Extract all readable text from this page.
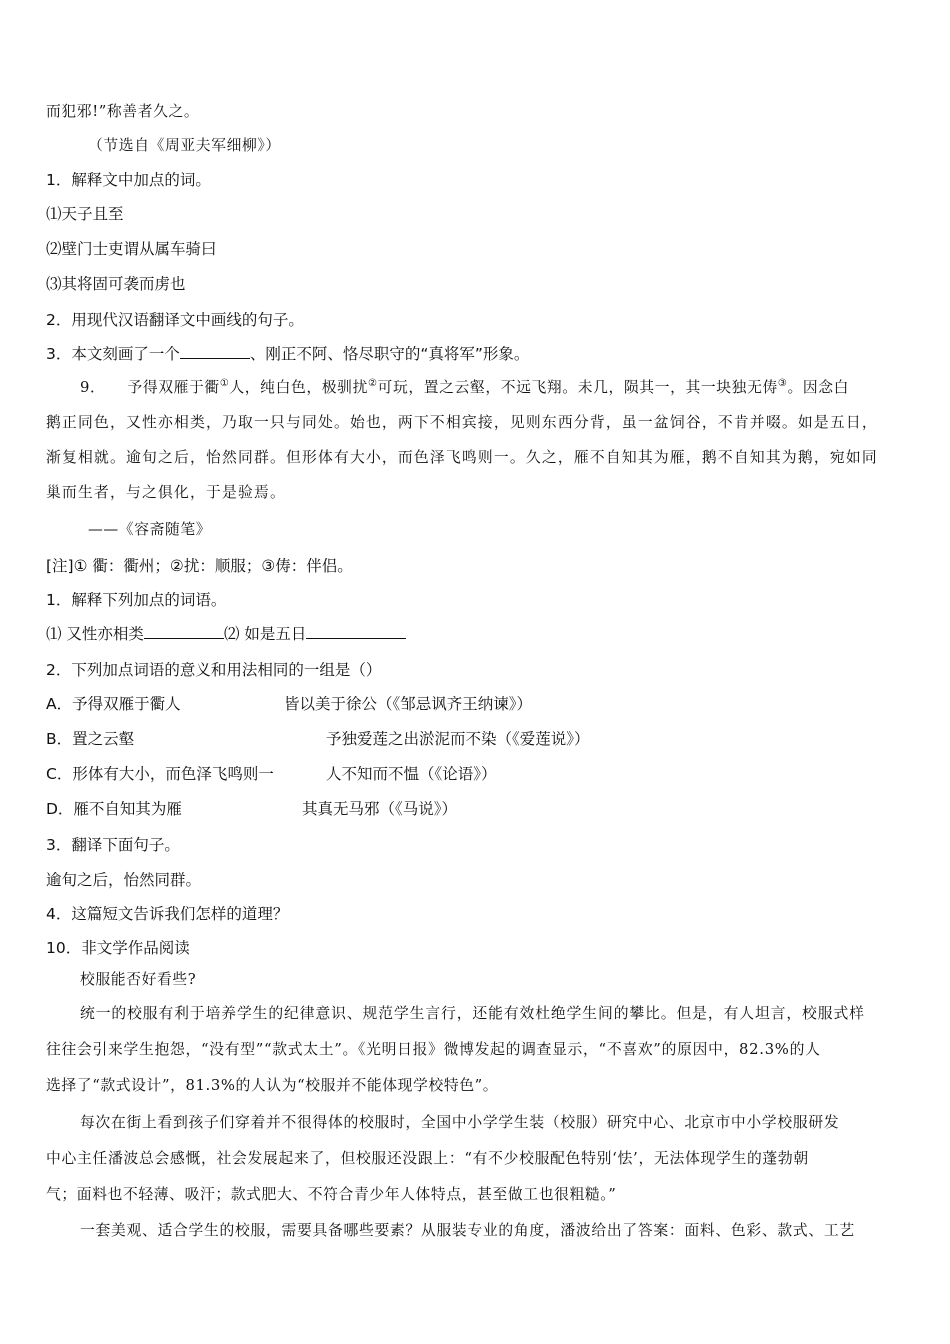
而犯邪!”称善者久之。
（节选自《周亚夫军细柳》）
1．解释文中加点的词。
⑴天子且至
⑵壁门士吏谓从属车骑曰
⑶其将固可袭而虏也
2．用现代汉语翻译文中画线的句子。
3．本文刻画了一个	、刚正不阿、恪尽职守的“真将军”形象。
9． 予得双雁于衢①人，纯白色，极驯扰②可玩，置之云壑，不远飞翔。未几，陨其一，其一块独无俦③。因念白
鹅正同色，又性亦相类，乃取一只与同处。始也，两下不相宾接，见则东西分背，虽一盆饲谷，不肯并啜。如是五日，
渐复相就。逾旬之后，怡然同群。但形体有大小，而色泽飞鸣则一。久之，雁不自知其为雁，鹅不自知其为鹅，宛如同
巢而生者，与之俱化，于是验焉。
——《容斋随笔》
[注]① 衢：衢州；②扰：顺服；③俦：伴侣。
1．解释下列加点的词语。
⑴ 又性亦相类	⑵ 如是五日
2．下列加点词语的意义和用法相同的一组是（）
A．予得双雁于衢人	皆以美于徐公（《邹忌讽齐王纳谏》）
B．置之云壑	予独爱莲之出淤泥而不染（《爱莲说》）
C．形体有大小，而色泽飞鸣则一	人不知而不愠（《论语》）
D．雁不自知其为雁	其真无马邪（《马说》）
3．翻译下面句子。
逾旬之后，怡然同群。
4．这篇短文告诉我们怎样的道理？
10．非文学作品阅读
校服能否好看些?
统一的校服有利于培养学生的纪律意识、规范学生言行，还能有效杜绝学生间的攀比。但是，有人坦言，校服式样
往往会引来学生抱怨，“没有型”“款式太土”。《光明日报》微博发起的调查显示，“不喜欢”的原因中，82.3%的人
选择了“款式设计”，81.3%的人认为“校服并不能体现学校特色”。
每次在街上看到孩子们穿着并不很得体的校服时，全国中小学学生装（校服）研究中心、北京市中小学校服研发
中心主任潘波总会感慨，社会发展起来了，但校服还没跟上：“有不少校服配色特别‘怯’，无法体现学生的蓬勃朝
气；面料也不轻薄、吸汗；款式肥大、不符合青少年人体特点，甚至做工也很粗糙。”
一套美观、适合学生的校服，需要具备哪些要素？从服装专业的角度，潘波给出了答案：面料、色彩、款式、工艺
